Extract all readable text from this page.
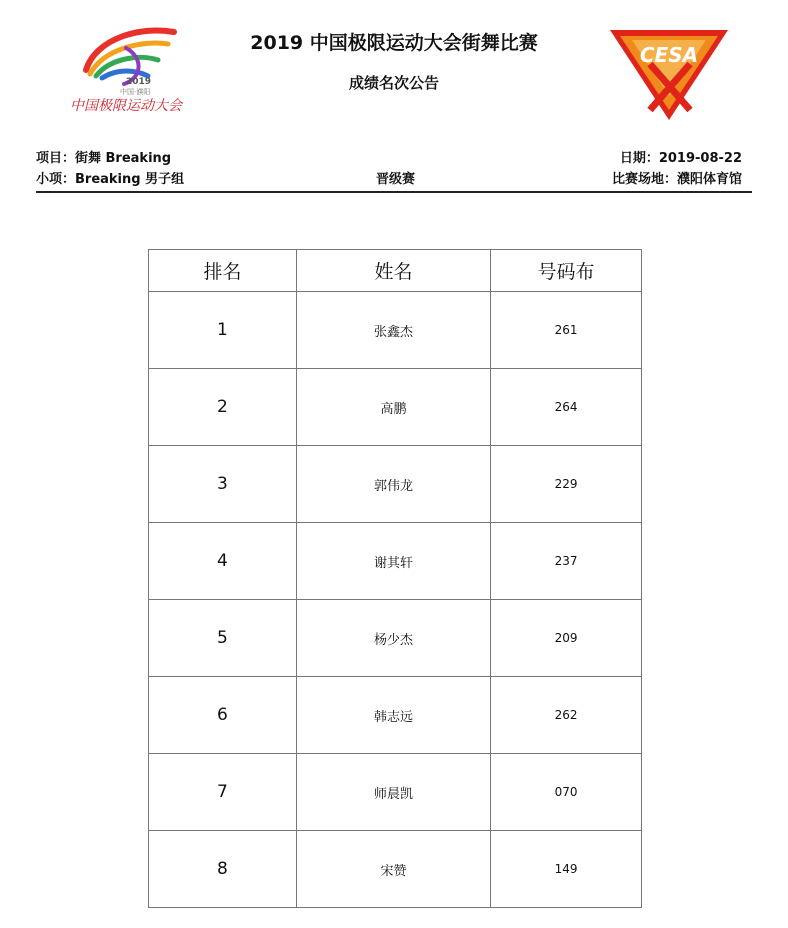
2019
中国·濮阳
中国极限运动大会
CESA
2019 中国极限运动大会街舞比赛
成绩名次公告
项目：街舞 Breaking
小项：Breaking 男子组	晋级赛
日期：2019-08-22
比赛场地：濮阳体育馆
排名	姓名	号码布
1	张鑫杰	261
2	高鹏	264
3	郭伟龙	229
4	谢其轩	237
5	杨少杰	209
6	韩志远	262
7	师晨凯	070
8	宋赞	149
